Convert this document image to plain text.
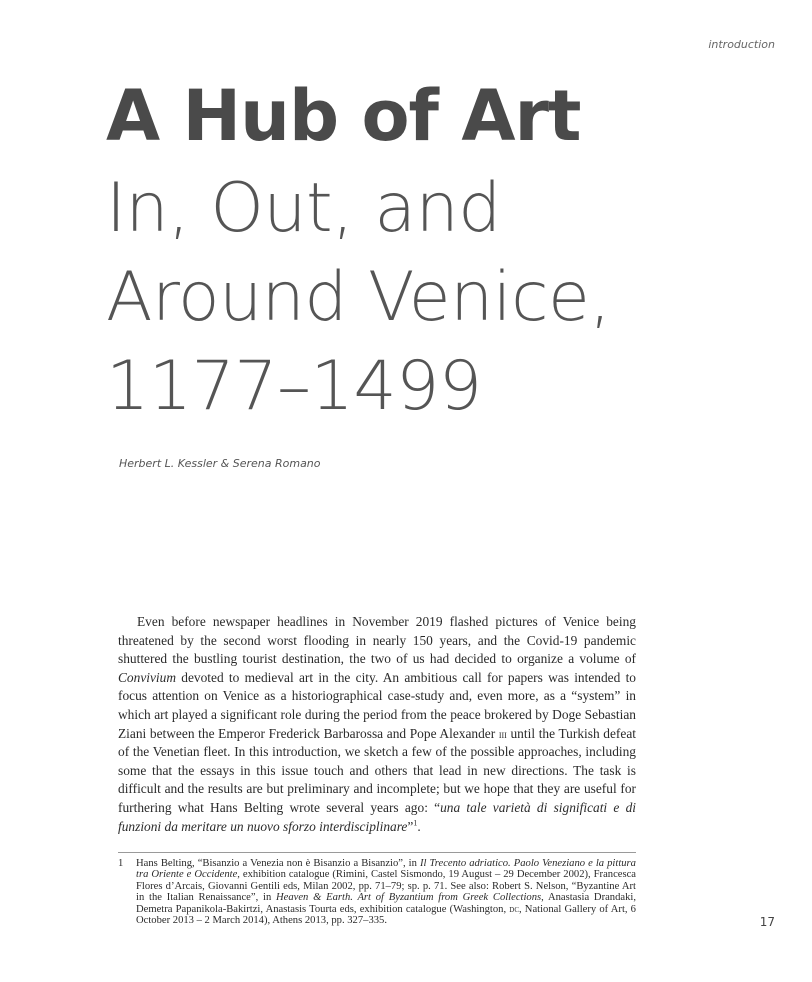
introduction
A Hub of Art
In, Out, and
Around Venice,
1177–1499
Herbert L. Kessler & Serena Romano

Even before newspaper headlines in November 2019 flashed pictures of Venice being threatened by the second worst flooding in nearly 150 years, and the Covid-19 pandemic shuttered the bustling tourist destination, the two of us had decided to organize a volume of Convivium devoted to medieval art in the city. An ambitious call for papers was intended to focus attention on Venice as a historiographical case-study and, even more, as a “system” in which art played a significant role during the period from the peace brokered by Doge Sebastian Ziani between the Emperor Frederick Barbarossa and Pope Alexander iii until the Turkish defeat of the Venetian fleet. In this introduction, we sketch a few of the possible approaches, including some that the essays in this issue touch and others that lead in new directions. The task is difficult and the results are but preliminary and incomplete; but we hope that they are useful for furthering what Hans Belting wrote several years ago: “una tale varietà di significati e di funzioni da meritare un nuovo sforzo interdisciplinare”$^1$.

1	Hans Belting, “Bisanzio a Venezia non è Bisanzio a Bisanzio”, in Il Trecento adriatico. Paolo Veneziano e la pittura tra Oriente e Occidente, exhibition catalogue (Rimini, Castel Sismondo, 19 August – 29 December 2002), Francesca Flores d’Arcais, Giovanni Gentili eds, Milan 2002, pp. 71–79; sp. p. 71. See also: Robert S. Nelson, “Byzantine Art in the Italian Renaissance”, in Heaven & Earth. Art of Byzantium from Greek Collections, Anastasia Drandaki, Demetra Papanikola-Bakirtzi, Anastasis Tourta eds, exhibition catalogue (Washington, dc, National Gallery of Art, 6 October 2013 – 2 March 2014), Athens 2013, pp. 327–335.	17
